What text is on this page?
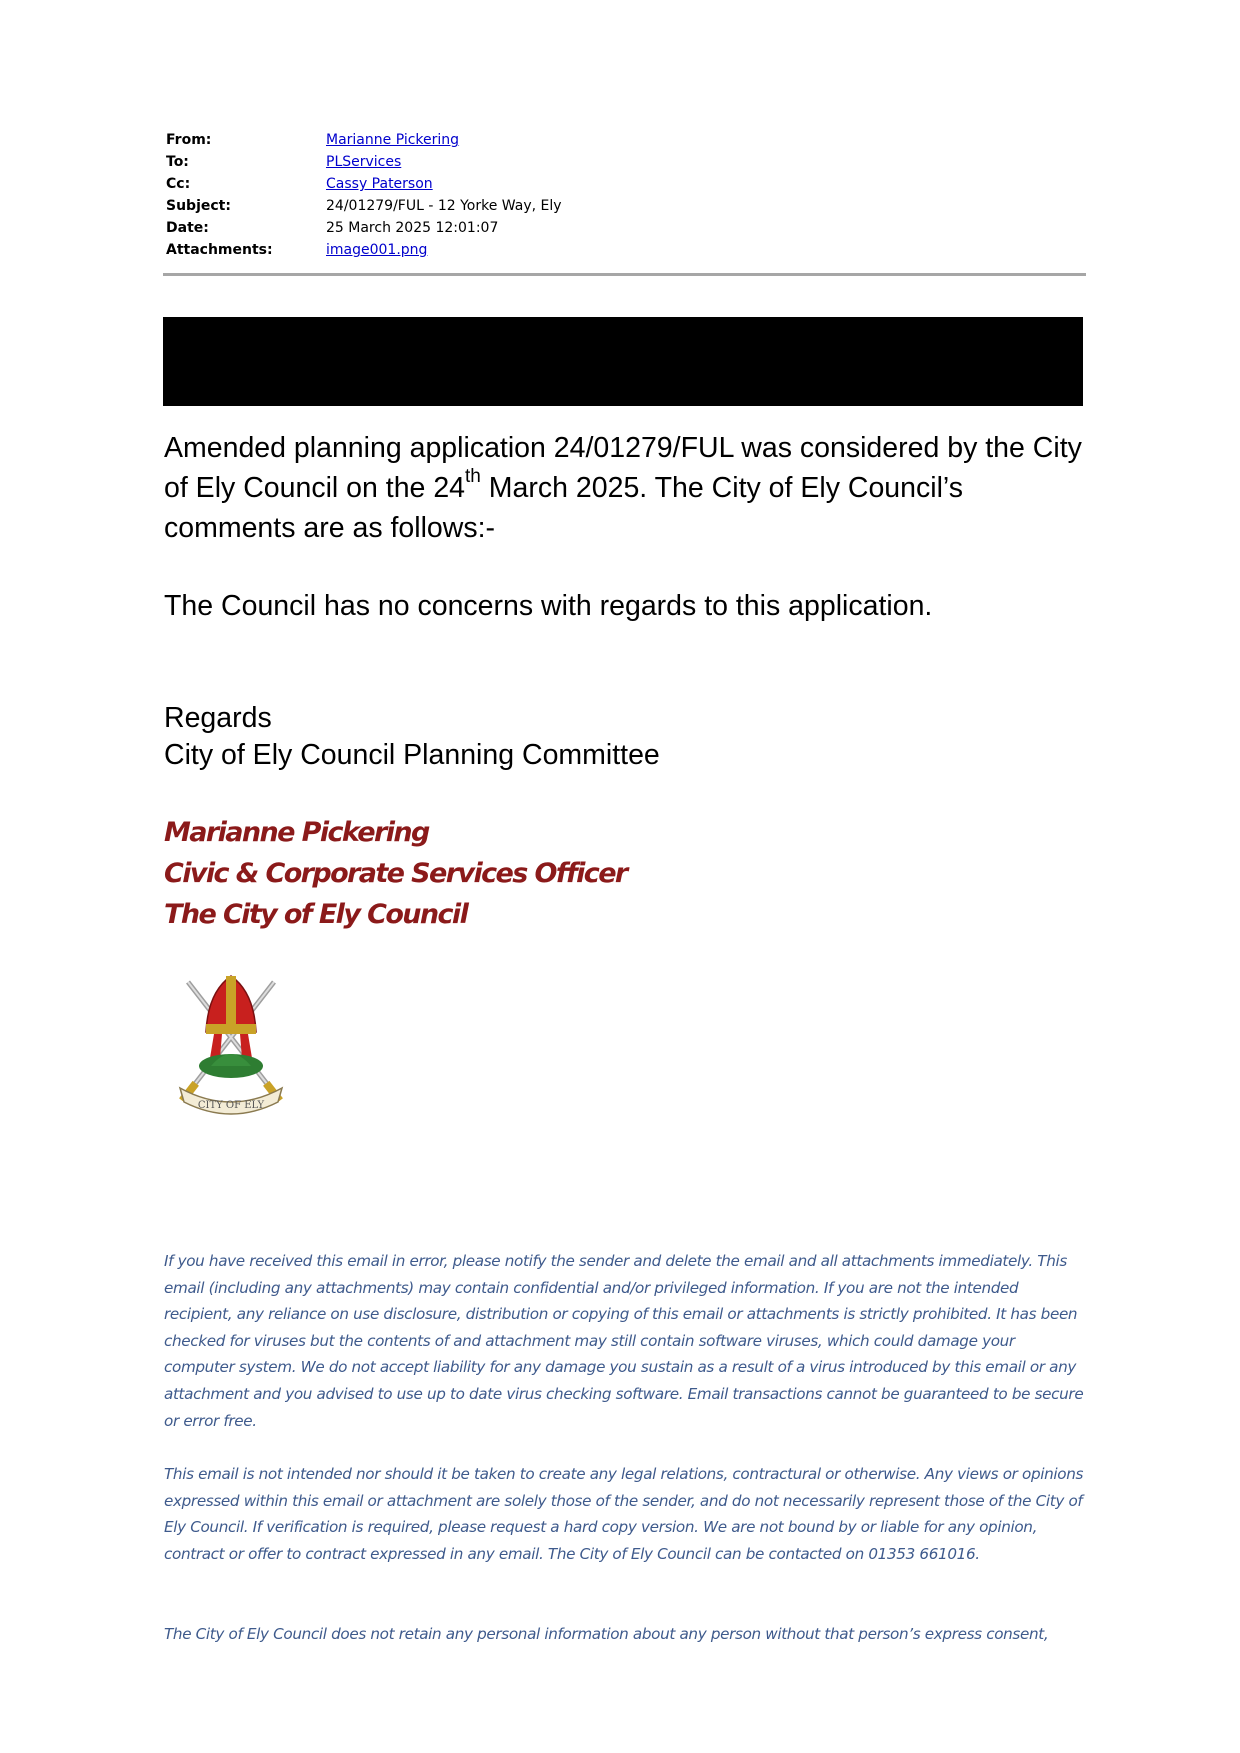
From:	Marianne Pickering
To:	PLServices
Cc:	Cassy Paterson
Subject:	24/01279/FUL - 12 Yorke Way, Ely
Date:	25 March 2025 12:01:07
Attachments:	image001.png
Amended planning application 24/01279/FUL was considered by the City of Ely Council on the 24th March 2025. The City of Ely Council’s comments are as follows:-
The Council has no concerns with regards to this application.
Regards
City of Ely Council Planning Committee
Marianne Pickering
Civic & Corporate Services Officer
The City of Ely Council
CITY OF ELY
If you have received this email in error, please notify the sender and delete the email and all attachments immediately. This email (including any attachments) may contain confidential and/or privileged information. If you are not the intended recipient, any reliance on use disclosure, distribution or copying of this email or attachments is strictly prohibited. It has been checked for viruses but the contents of and attachment may still contain software viruses, which could damage your computer system. We do not accept liability for any damage you sustain as a result of a virus introduced by this email or any attachment and you advised to use up to date virus checking software. Email transactions cannot be guaranteed to be secure or error free.
This email is not intended nor should it be taken to create any legal relations, contractural or otherwise. Any views or opinions expressed within this email or attachment are solely those of the sender, and do not necessarily represent those of the City of Ely Council. If verification is required, please request a hard copy version. We are not bound by or liable for any opinion, contract or offer to contract expressed in any email. The City of Ely Council can be contacted on 01353 661016.
The City of Ely Council does not retain any personal information about any person without that person’s express consent,
